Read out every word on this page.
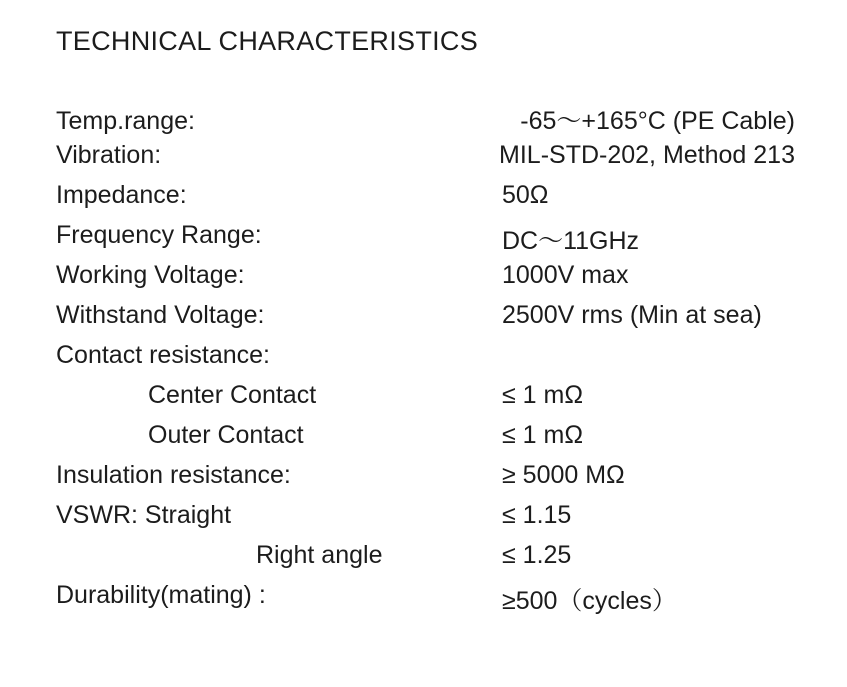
TECHNICAL CHARACTERISTICS
Temp.range:	-65～+165°C (PE Cable)
Vibration:	MIL-STD-202, Method 213
Impedance:	50Ω
Frequency Range:	DC～11GHz
Working Voltage:	1000V max
Withstand Voltage:	2500V rms (Min at sea)
Contact resistance:
Center Contact	≤ 1 mΩ
Outer Contact	≤ 1 mΩ
Insulation resistance:	≥ 5000 MΩ
VSWR: Straight	≤ 1.15
Right angle	≤ 1.25
Durability(mating) :	≥500（cycles）
